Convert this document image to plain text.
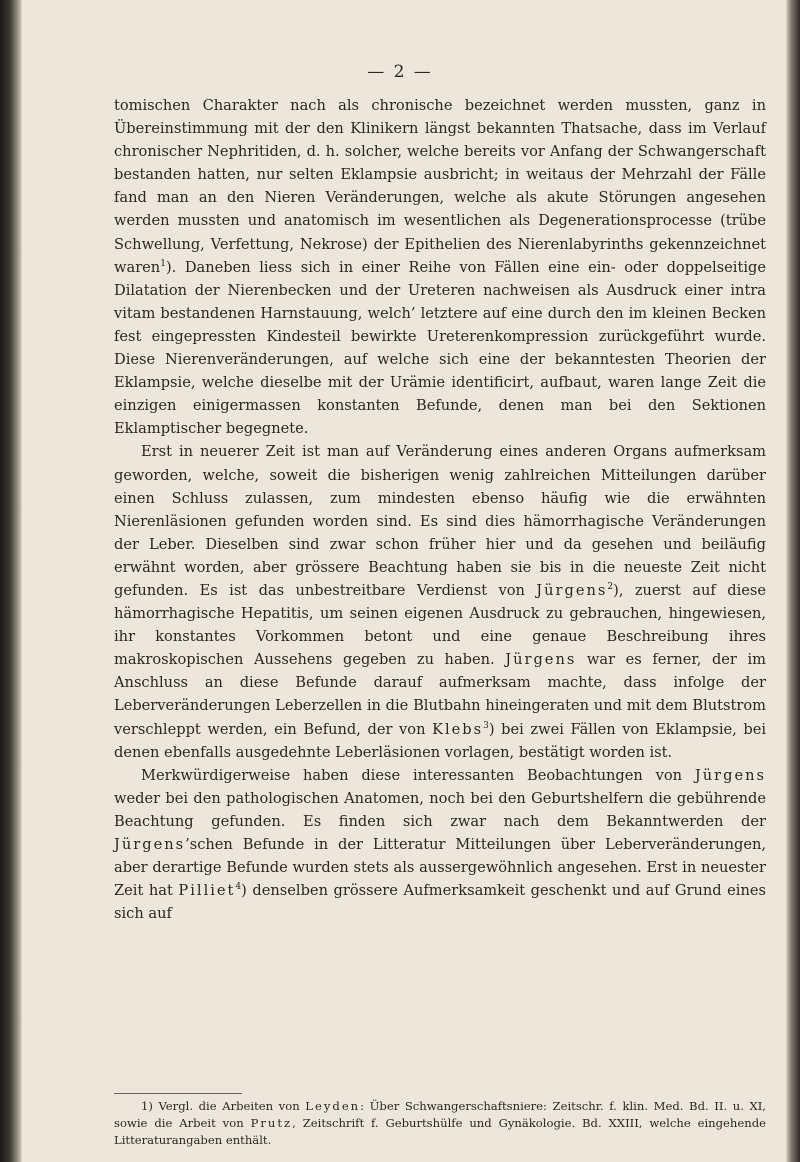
— 2 —

tomischen Charakter nach als chronische bezeichnet werden mussten, ganz in Übereinstimmung mit der den Klinikern längst bekannten Thatsache, dass im Verlauf chronischer Nephritiden, d. h. solcher, welche bereits vor Anfang der Schwangerschaft bestanden hatten, nur selten Eklampsie ausbricht; in weitaus der Mehrzahl der Fälle fand man an den Nieren Veränderungen, welche als akute Störungen angesehen werden mussten und anatomisch im wesentlichen als Degenerationsprocesse (trübe Schwellung, Verfettung, Nekrose) der Epithelien des Nierenlabyrinths gekennzeichnet waren$^1$). Daneben liess sich in einer Reihe von Fällen eine ein- oder doppelseitige Dilatation der Nierenbecken und der Ureteren nachweisen als Ausdruck einer intra vitam bestandenen Harnstauung, welch’ letztere auf eine durch den im kleinen Becken fest eingepressten Kindesteil bewirkte Ureterenkompression zurückgeführt wurde. Diese Nierenveränderungen, auf welche sich eine der bekanntesten Theorien der Eklampsie, welche dieselbe mit der Urämie identificirt, aufbaut, waren lange Zeit die einzigen einigermassen konstanten Befunde, denen man bei den Sektionen Eklamptischer begegnete.

Erst in neuerer Zeit ist man auf Veränderung eines anderen Organs aufmerksam geworden, welche, soweit die bisherigen wenig zahlreichen Mitteilungen darüber einen Schluss zulassen, zum mindesten ebenso häufig wie die erwähnten Nierenläsionen gefunden worden sind. Es sind dies hämorrhagische Veränderungen der Leber. Dieselben sind zwar schon früher hier und da gesehen und beiläufig erwähnt worden, aber grössere Beachtung haben sie bis in die neueste Zeit nicht gefunden. Es ist das unbestreitbare Verdienst von Jürgens$^2$), zuerst auf diese hämorrhagische Hepatitis, um seinen eigenen Ausdruck zu gebrauchen, hingewiesen, ihr konstantes Vorkommen betont und eine genaue Beschreibung ihres makroskopischen Aussehens gegeben zu haben. Jürgens war es ferner, der im Anschluss an diese Befunde darauf aufmerksam machte, dass infolge der Leberveränderungen Leberzellen in die Blutbahn hineingeraten und mit dem Blutstrom verschleppt werden, ein Befund, der von Klebs$^3$) bei zwei Fällen von Eklampsie, bei denen ebenfalls ausgedehnte Leberläsionen vorlagen, bestätigt worden ist.

Merkwürdigerweise haben diese interessanten Beobachtungen von Jürgens weder bei den pathologischen Anatomen, noch bei den Geburtshelfern die gebührende Beachtung gefunden. Es finden sich zwar nach dem Bekanntwerden der Jürgens’schen Befunde in der Litteratur Mitteilungen über Leberveränderungen, aber derartige Befunde wurden stets als aussergewöhnlich angesehen. Erst in neuester Zeit hat Pilliet$^4$) denselben grössere Aufmerksamkeit geschenkt und auf Grund eines sich auf

1) Vergl. die Arbeiten von Leyden: Über Schwangerschaftsniere: Zeitschr. f. klin. Med. Bd. II. u. XI, sowie die Arbeit von Prutz, Zeitschrift f. Geburtshülfe und Gynäkologie. Bd. XXIII, welche eingehende Litteraturangaben enthält.
